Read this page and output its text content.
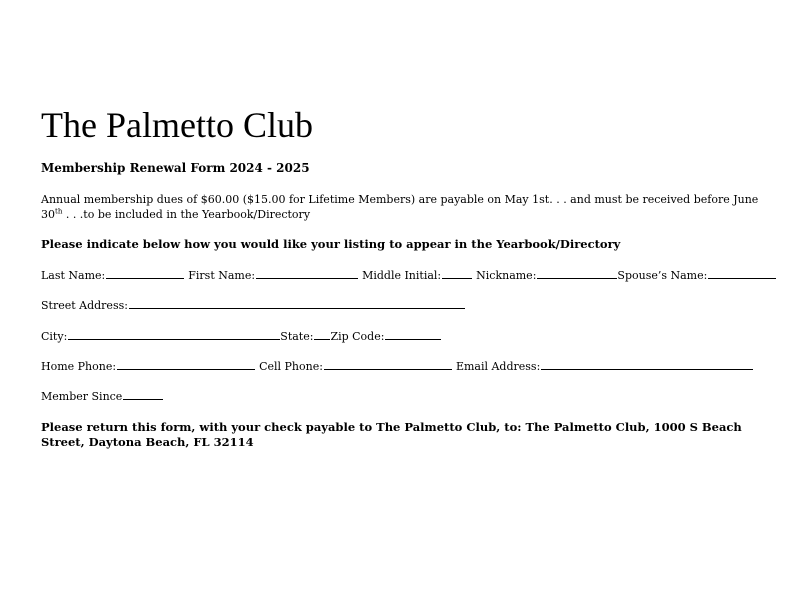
The Palmetto Club
Membership Renewal Form 2024 - 2025

Annual membership dues of $60.00 ($15.00 for Lifetime Members) are payable on May 1st. . . and must be received before June 30th . . .to be included in the Yearbook/Directory

Please indicate below how you would like your listing to appear in the Yearbook/Directory
Last Name:	First Name:	Middle Initial:	Nickname:	Spouse’s Name:
Street Address:
City:	State: Zip Code:
Home Phone:	Cell Phone:	Email Address:
Member Since

Please return this form, with your check payable to The Palmetto Club, to: The Palmetto Club, 1000 S Beach Street, Daytona Beach, FL 32114
